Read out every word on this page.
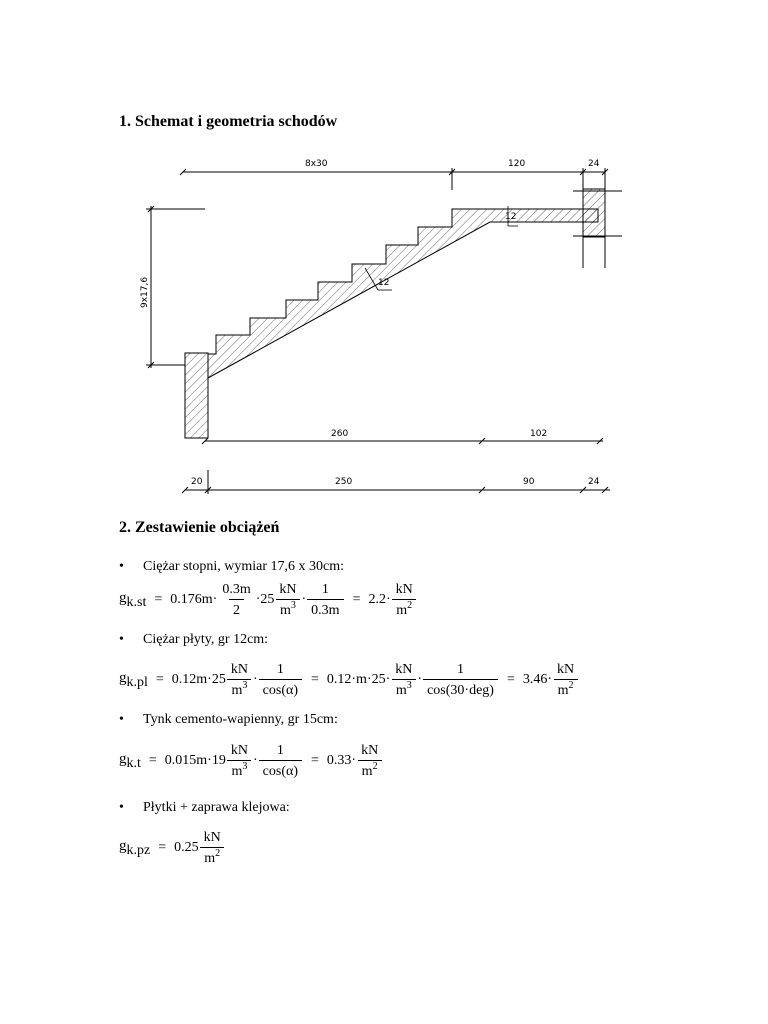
1. Schemat i geometria schodów
8x30	120	24
9x17,6
12
12
260	102
20	250	90	24
2. Zestawienie obciążeń

• Ciężar stopni, wymiar 17,6 x 30cm:

$g_{k.st} = 0.176m\cdot$
0.3m
2
·25
kN
$m^3 \cdot \frac{1}{0.3m} = 2.2\cdot$
kN
$m^2$

• Ciężar płyty, gr 12cm:

$g_{k.pl} = 0.12m\cdot 25$
kN
$m^3 \cdot \frac{1}{\cos(\alpha)} = 0.12\cdot m\cdot 25\cdot$
kN
$m^3$ ·
1
cos(30·deg)
= 3.46·
kN
$m^2$

• Tynk cemento-wapienny, gr 15cm:

$g_{k.t} = 0.015m\cdot 19$
kN
$m^3 \cdot \frac{1}{\cos(\alpha)} = 0.33\cdot$
kN
$m^2$

• Płytki + zaprawa klejowa:

$g_{k.pz} = 0.25$
kN
$m^2$
